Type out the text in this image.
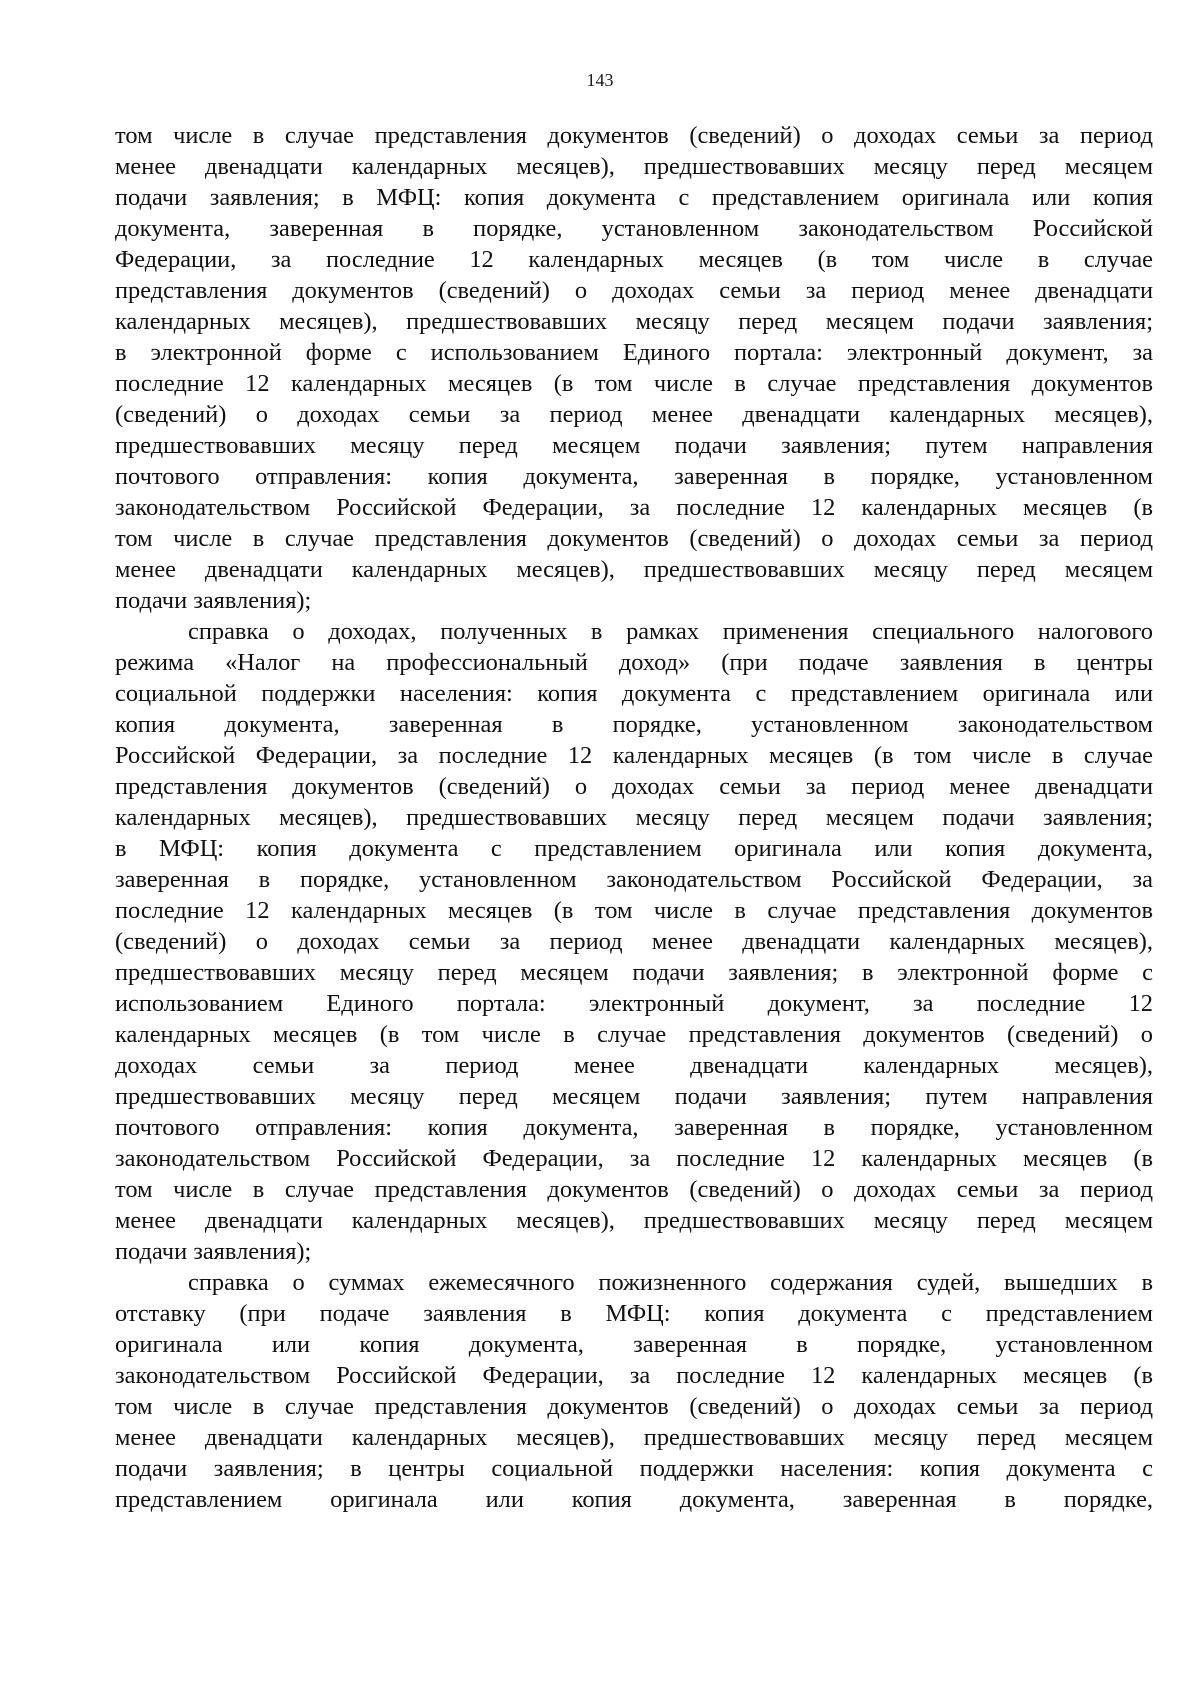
143
том числе в случае представления документов (сведений) о доходах семьи за период
менее двенадцати календарных месяцев), предшествовавших месяцу перед месяцем
подачи заявления; в МФЦ: копия документа с представлением оригинала или копия
документа, заверенная в порядке, установленном законодательством Российской
Федерации, за последние 12 календарных месяцев (в том числе в случае
представления документов (сведений) о доходах семьи за период менее двенадцати
календарных месяцев), предшествовавших месяцу перед месяцем подачи заявления;
в электронной форме с использованием Единого портала: электронный документ, за
последние 12 календарных месяцев (в том числе в случае представления документов
(сведений) о доходах семьи за период менее двенадцати календарных месяцев),
предшествовавших месяцу перед месяцем подачи заявления; путем направления
почтового отправления: копия документа, заверенная в порядке, установленном
законодательством Российской Федерации, за последние 12 календарных месяцев (в
том числе в случае представления документов (сведений) о доходах семьи за период
менее двенадцати календарных месяцев), предшествовавших месяцу перед месяцем
подачи заявления);
справка о доходах, полученных в рамках применения специального налогового
режима «Налог на профессиональный доход» (при подаче заявления в центры
социальной поддержки населения: копия документа с представлением оригинала или
копия документа, заверенная в порядке, установленном законодательством
Российской Федерации, за последние 12 календарных месяцев (в том числе в случае
представления документов (сведений) о доходах семьи за период менее двенадцати
календарных месяцев), предшествовавших месяцу перед месяцем подачи заявления;
в МФЦ: копия документа с представлением оригинала или копия документа,
заверенная в порядке, установленном законодательством Российской Федерации, за
последние 12 календарных месяцев (в том числе в случае представления документов
(сведений) о доходах семьи за период менее двенадцати календарных месяцев),
предшествовавших месяцу перед месяцем подачи заявления; в электронной форме с
использованием Единого портала: электронный документ, за последние 12
календарных месяцев (в том числе в случае представления документов (сведений) о
доходах семьи за период менее двенадцати календарных месяцев),
предшествовавших месяцу перед месяцем подачи заявления; путем направления
почтового отправления: копия документа, заверенная в порядке, установленном
законодательством Российской Федерации, за последние 12 календарных месяцев (в
том числе в случае представления документов (сведений) о доходах семьи за период
менее двенадцати календарных месяцев), предшествовавших месяцу перед месяцем
подачи заявления);
справка о суммах ежемесячного пожизненного содержания судей, вышедших в
отставку (при подаче заявления в МФЦ: копия документа с представлением
оригинала или копия документа, заверенная в порядке, установленном
законодательством Российской Федерации, за последние 12 календарных месяцев (в
том числе в случае представления документов (сведений) о доходах семьи за период
менее двенадцати календарных месяцев), предшествовавших месяцу перед месяцем
подачи заявления; в центры социальной поддержки населения: копия документа с
представлением оригинала или копия документа, заверенная в порядке,
